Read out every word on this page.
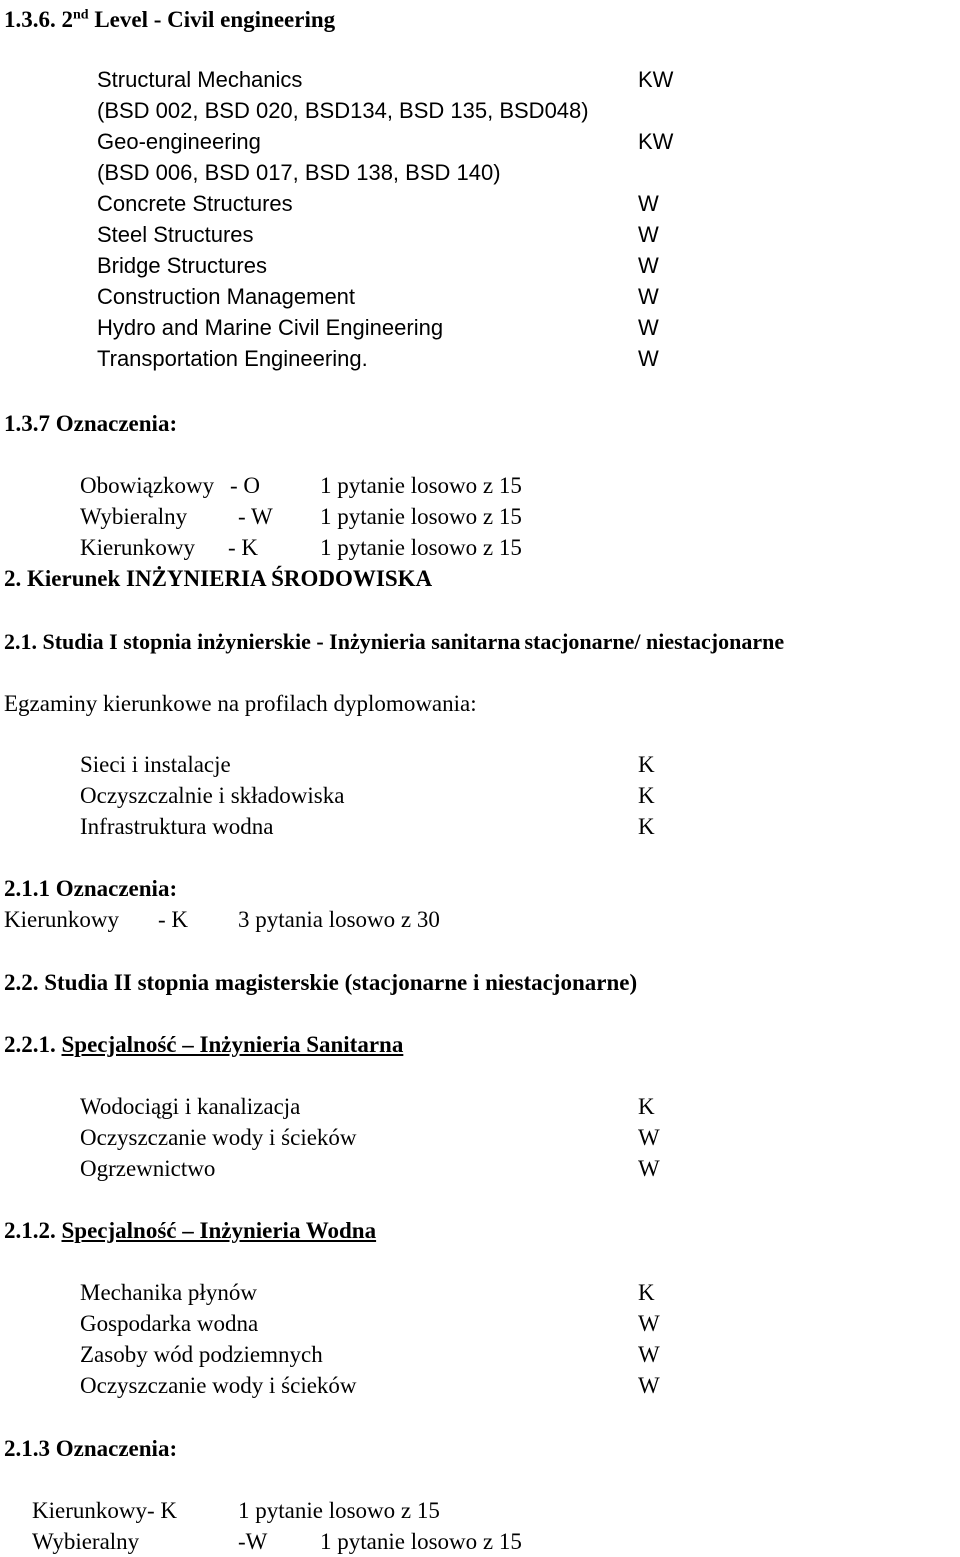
1.3.6. 2nd Level - Civil engineering
Structural Mechanics	KW
(BSD 002, BSD 020, BSD134, BSD 135, BSD048)
Geo-engineering	KW
(BSD 006, BSD 017, BSD 138, BSD 140)
Concrete Structures	W
Steel Structures	W
Bridge Structures	W
Construction Management	W
Hydro and Marine Civil Engineering	W
Transportation Engineering.	W
1.3.7 Oznaczenia:
Obowiązkowy - O	1 pytanie losowo z 15
Wybieralny - W 1 pytanie losowo z 15
Kierunkowy - K	1 pytanie losowo z 15
2. Kierunek INŻYNIERIA ŚRODOWISKA
2.1. Studia I stopnia inżynierskie - Inżynieria sanitarna stacjonarne/ niestacjonarne
Egzaminy kierunkowe na profilach dyplomowania:
Sieci i instalacje	K
Oczyszczalnie i składowiska	K
Infrastruktura wodna	K
2.1.1 Oznaczenia:
Kierunkowy - K 3 pytania losowo z 30
2.2. Studia II stopnia magisterskie (stacjonarne i niestacjonarne)
2.2.1. Specjalność – Inżynieria Sanitarna
Wodociągi i kanalizacja	K
Oczyszczanie wody i ścieków	W
Ogrzewnictwo	W
2.1.2. Specjalność – Inżynieria Wodna
Mechanika płynów	K
Gospodarka wodna	W
Zasoby wód podziemnych	W
Oczyszczanie wody i ścieków	W
2.1.3 Oznaczenia:
Kierunkowy- K	1 pytanie losowo z 15
Wybieralny	-W 1 pytanie losowo z 15
